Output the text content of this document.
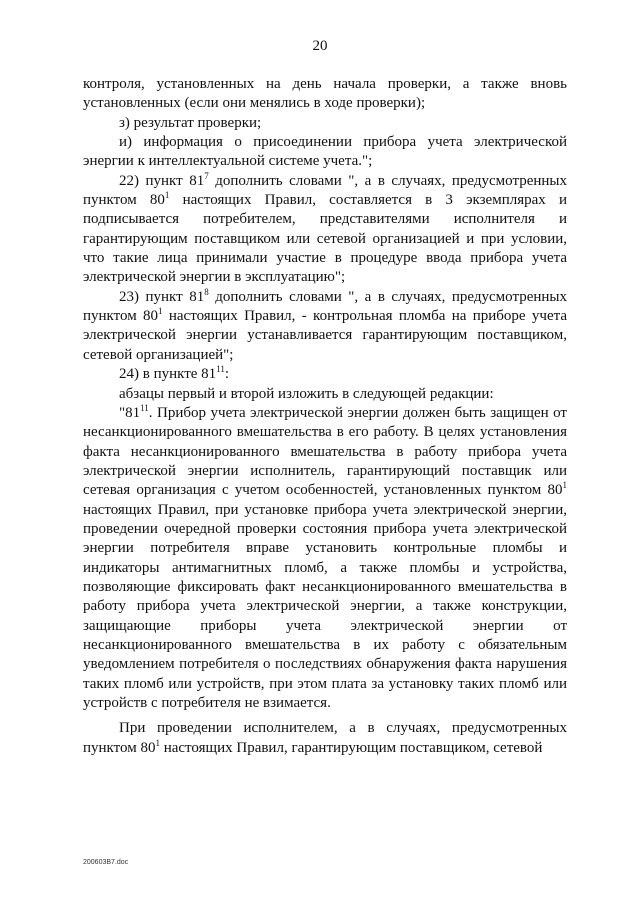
20

контроля, установленных на день начала проверки, а также вновь установленных (если они менялись в ходе проверки);

з) результат проверки;

и) информация о присоединении прибора учета электрической энергии к интеллектуальной системе учета.";

22) пункт $81^7$ дополнить словами ", а в случаях, предусмотренных пунктом $80^1$ настоящих Правил, составляется в 3 экземплярах и подписывается потребителем, представителями исполнителя и гарантирующим поставщиком или сетевой организацией и при условии, что такие лица принимали участие в процедуре ввода прибора учета электрической энергии в эксплуатацию";

23) пункт $81^8$ дополнить словами ", а в случаях, предусмотренных пунктом $80^1$ настоящих Правил, - контрольная пломба на приборе учета электрической энергии устанавливается гарантирующим поставщиком, сетевой организацией";

24) в пункте $81^{11}$:

абзацы первый и второй изложить в следующей редакции:

"$81^{11}$. Прибор учета электрической энергии должен быть защищен от несанкционированного вмешательства в его работу. В целях установления факта несанкционированного вмешательства в работу прибора учета электрической энергии исполнитель, гарантирующий поставщик или сетевая организация с учетом особенностей, установленных пунктом $80^1$ настоящих Правил, при установке прибора учета электрической энергии, проведении очередной проверки состояния прибора учета электрической энергии потребителя вправе установить контрольные пломбы и индикаторы антимагнитных пломб, а также пломбы и устройства, позволяющие фиксировать факт несанкционированного вмешательства в работу прибора учета электрической энергии, а также конструкции, защищающие приборы учета электрической энергии от несанкционированного вмешательства в их работу с обязательным уведомлением потребителя о последствиях обнаружения факта нарушения таких пломб или устройств, при этом плата за установку таких пломб или устройств с потребителя не взимается.

При проведении исполнителем, а в случаях, предусмотренных пунктом $80^1$ настоящих Правил, гарантирующим поставщиком, сетевой

200603В7.doc
